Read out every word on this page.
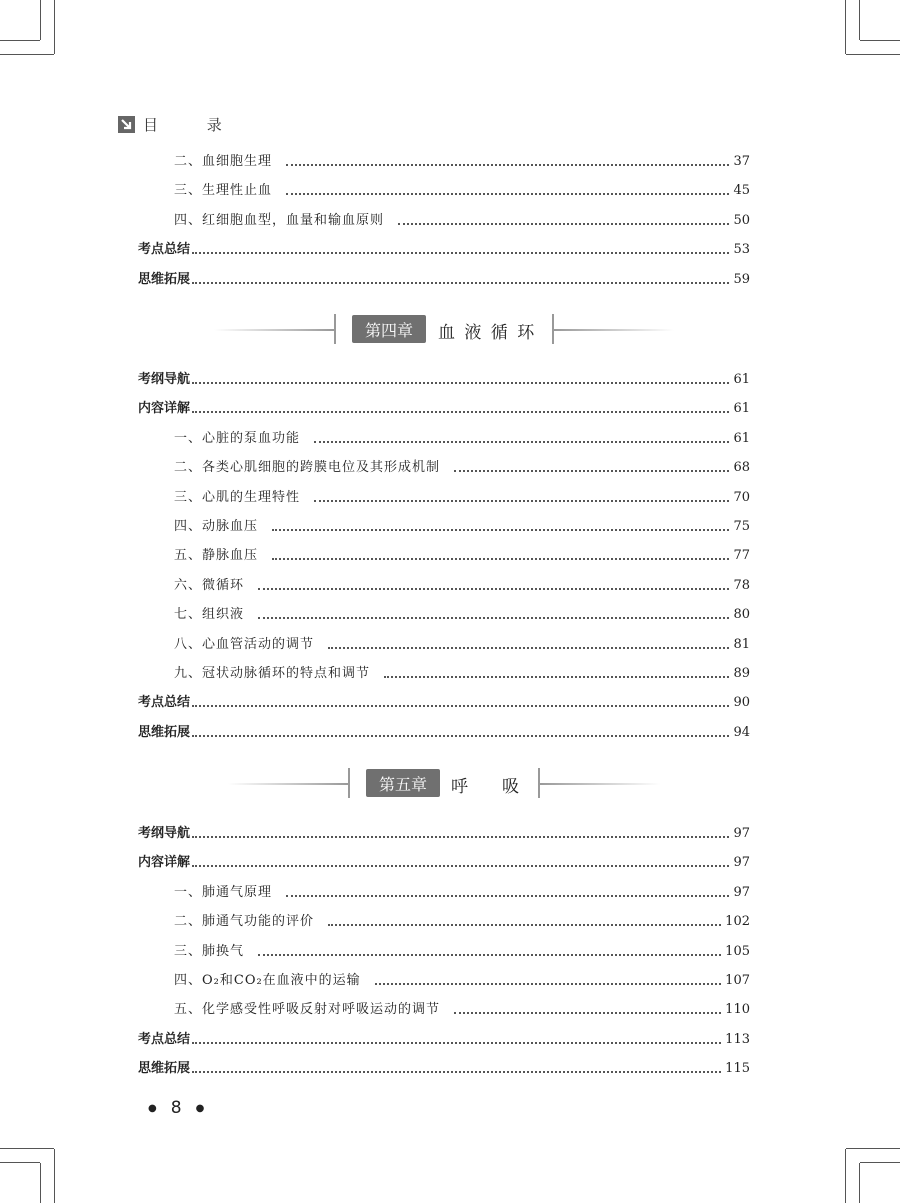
目 录
二、血细胞生理	37
三、生理性止血	45
四、红细胞血型，血量和输血原则	50
考点总结	53
思维拓展	59
第四章	血 液 循 环
考纲导航	61
内容详解	61
一、心脏的泵血功能	61
二、各类心肌细胞的跨膜电位及其形成机制	68
三、心肌的生理特性	70
四、动脉血压	75
五、静脉血压	77
六、微循环	78
七、组织液	80
八、心血管活动的调节	81
九、冠状动脉循环的特点和调节	89
考点总结	90
思维拓展	94
第五章	呼　　吸
考纲导航	97
内容详解	97
一、肺通气原理	97
二、肺通气功能的评价	102
三、肺换气	105
四、O₂和CO₂在血液中的运输	107
五、化学感受性呼吸反射对呼吸运动的调节	110
考点总结	113
思维拓展	115
● 8 ●
